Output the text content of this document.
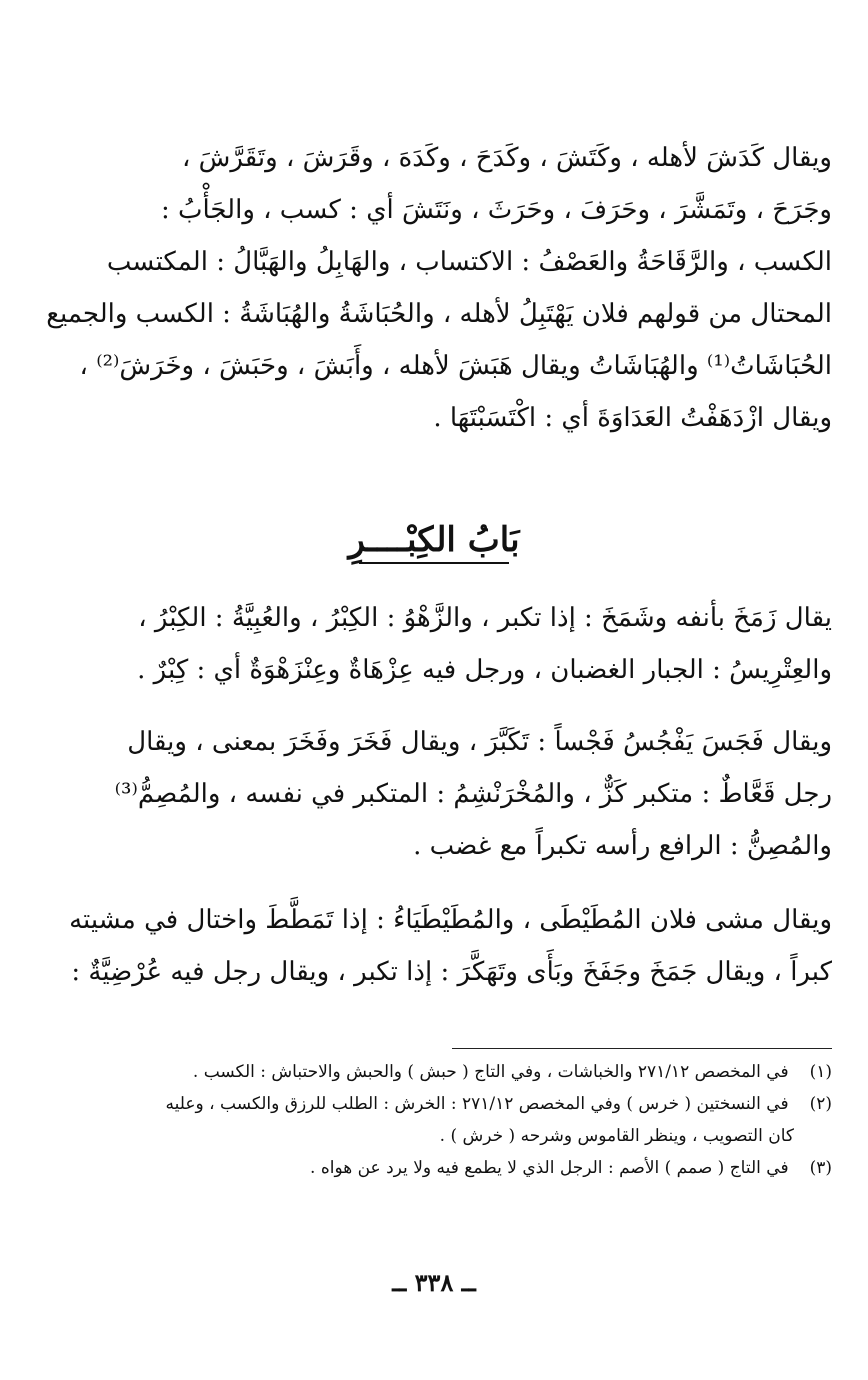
ويقال كَدَشَ لأهله ، وكَتَشَ ، وكَدَحَ ، وكَدَهَ ، وقَرَشَ ، وتَقَرَّشَ ،
وجَرَحَ ، وتَمَشَّرَ ، وحَرَفَ ، وحَرَثَ ، ونَتَشَ أي : كسب ، والجَأْبُ :
الكسب ، والرَّقَاحَةُ والعَصْفُ : الاكتساب ، والهَابِلُ والهَبَّالُ : المكتسب
المحتال من قولهم فلان يَهْتَبِلُ لأهله ، والحُبَاشَةُ والهُبَاشَةُ : الكسب والجميع
الحُبَاشَاتُ⁽¹⁾ والهُبَاشَاتُ ويقال هَبَشَ لأهله ، وأَبَشَ ، وحَبَشَ ، وخَرَشَ⁽²⁾ ،
ويقال ازْدَهَفْتُ العَدَاوَةَ أي : اكْتَسَبْتَهَا .
بَابُ الكِبْــــرِ
يقال زَمَخَ بأنفه وشَمَخَ : إذا تكبر ، والزَّهْوُ : الكِبْرُ ، والعُبِيَّةُ : الكِبْرُ ،
والعِتْرِيسُ : الجبار الغضبان ، ورجل فيه عِزْهَاةٌ وعِنْزَهْوَةٌ أي : كِبْرٌ .
ويقال فَجَسَ يَفْجُسُ فَجْساً : تَكَبَّرَ ، ويقال فَخَرَ وفَخَرَ بمعنى ، ويقال
رجل قَعَّاطٌ : متكبر كَزٌّ ، والمُخْرَنْشِمُ : المتكبر في نفسه ، والمُصِمُّ⁽³⁾
والمُصِنُّ : الرافع رأسه تكبراً مع غضب .
ويقال مشى فلان المُطَيْطَى ، والمُطَيْطَيَاءُ : إذا تَمَطَّطَ واختال في مشيته
كبراً ، ويقال جَمَخَ وجَفَخَ وبَأَى وتَهَكَّرَ : إذا تكبر ، ويقال رجل فيه عُرْضِيَّةٌ :
(١) في المخصص ٢٧١/١٢ والخباشات ، وفي التاج ( حبش ) والحبش والاحتباش : الكسب .
(٢) في النسختين ( خرس ) وفي المخصص ٢٧١/١٢ : الخرش : الطلب للرزق والكسب ، وعليه
كان التصويب ، وينظر القاموس وشرحه ( خرش ) .
(٣) في التاج ( صمم ) الأصم : الرجل الذي لا يطمع فيه ولا يرد عن هواه .
ــ ٣٣٨ ــ
